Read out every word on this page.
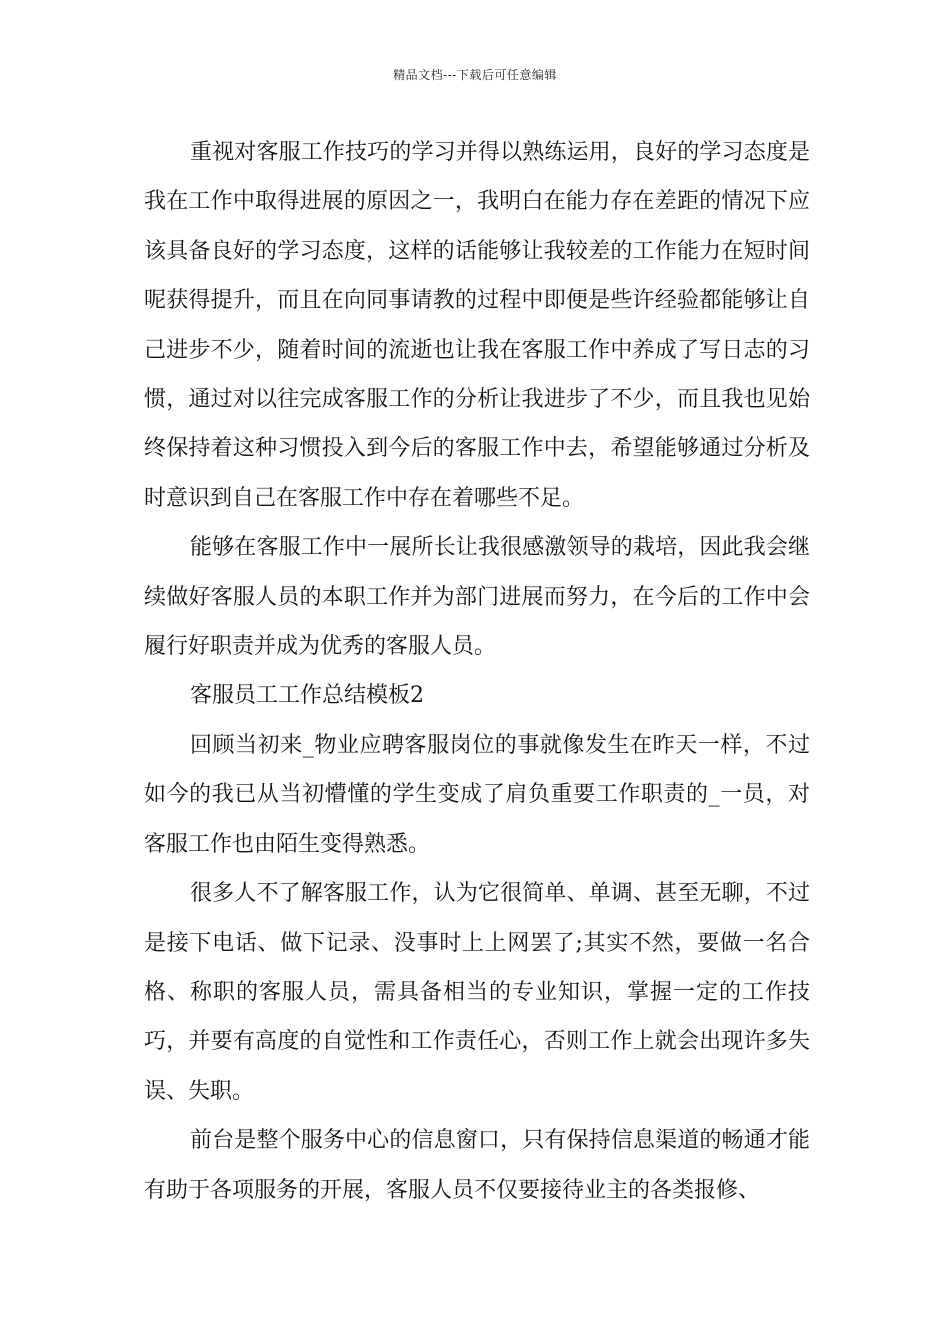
精品文档---下载后可任意编辑

重视对客服工作技巧的学习并得以熟练运用，良好的学习态度是我在工作中取得进展的原因之一，我明白在能力存在差距的情况下应该具备良好的学习态度，这样的话能够让我较差的工作能力在短时间呢获得提升，而且在向同事请教的过程中即便是些许经验都能够让自己进步不少，随着时间的流逝也让我在客服工作中养成了写日志的习惯，通过对以往完成客服工作的分析让我进步了不少，而且我也见始终保持着这种习惯投入到今后的客服工作中去，希望能够通过分析及时意识到自己在客服工作中存在着哪些不足。

能够在客服工作中一展所长让我很感激领导的栽培，因此我会继续做好客服人员的本职工作并为部门进展而努力，在今后的工作中会履行好职责并成为优秀的客服人员。

客服员工工作总结模板2

回顾当初来_物业应聘客服岗位的事就像发生在昨天一样，不过如今的我已从当初懵懂的学生变成了肩负重要工作职责的_一员，对客服工作也由陌生变得熟悉。

很多人不了解客服工作，认为它很简单、单调、甚至无聊，不过是接下电话、做下记录、没事时上上网罢了;其实不然，要做一名合格、称职的客服人员，需具备相当的专业知识，掌握一定的工作技巧，并要有高度的自觉性和工作责任心，否则工作上就会出现许多失误、失职。

前台是整个服务中心的信息窗口，只有保持信息渠道的畅通才能有助于各项服务的开展，客服人员不仅要接待业主的各类报修、
